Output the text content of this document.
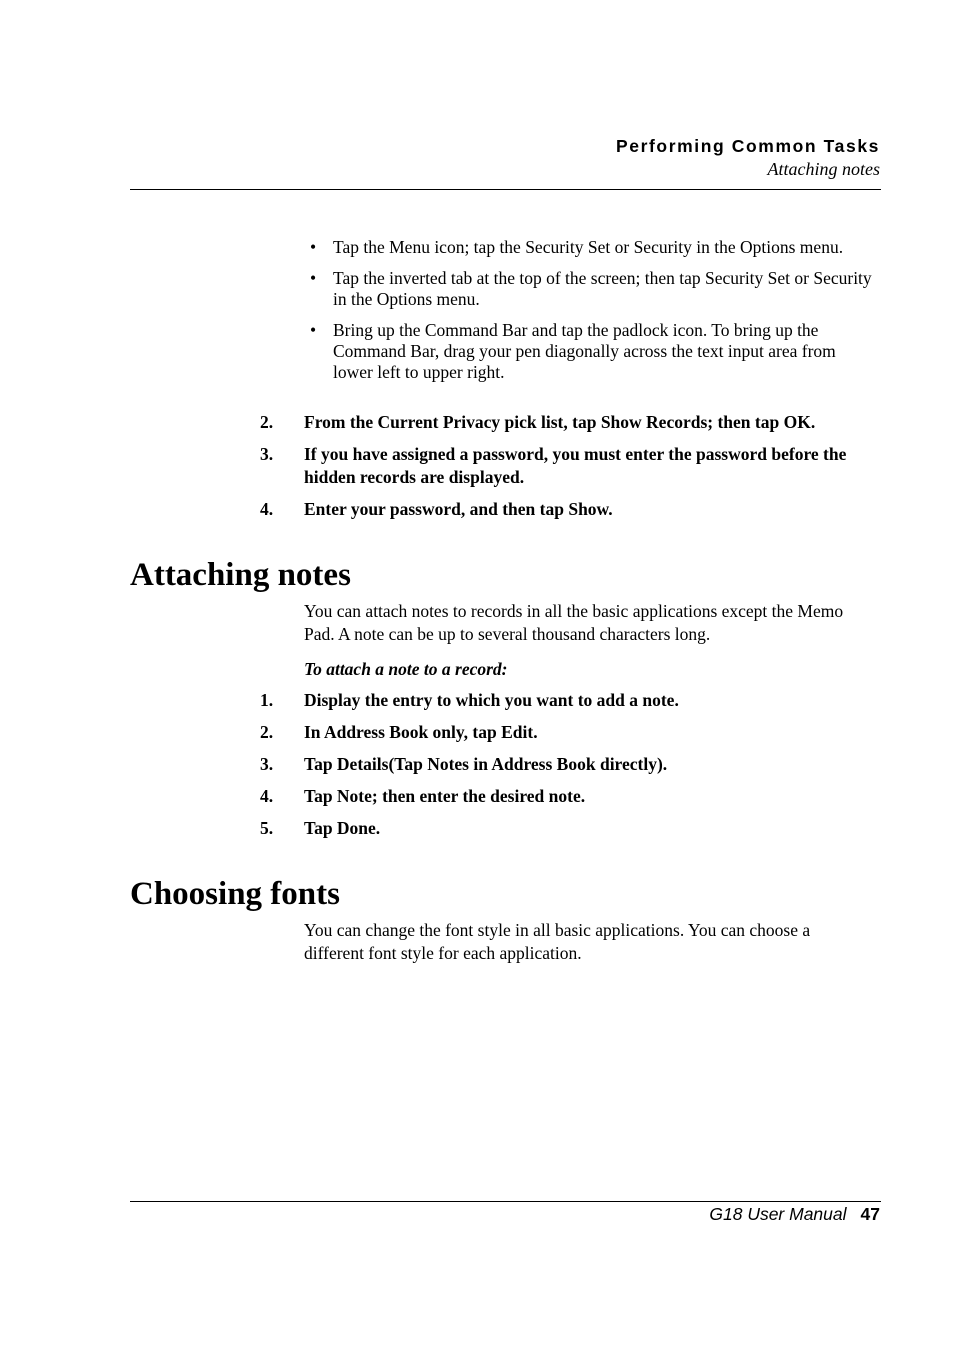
Performing Common Tasks
Attaching notes
• Tap the Menu icon; tap the Security Set or Security in the Options menu.
• Tap the inverted tab at the top of the screen; then tap Security Set or Security in the Options menu.
• Bring up the Command Bar and tap the padlock icon. To bring up the Command Bar, drag your pen diagonally across the text input area from lower left to upper right.
2. From the Current Privacy pick list, tap Show Records; then tap OK.
3. If you have assigned a password, you must enter the password before the hidden records are displayed.
4. Enter your password, and then tap Show.
Attaching notes

You can attach notes to records in all the basic applications except the Memo Pad. A note can be up to several thousand characters long.

To attach a note to a record:

1. Display the entry to which you want to add a note.
2. In Address Book only, tap Edit.
3. Tap Details(Tap Notes in Address Book directly).
4. Tap Note; then enter the desired note.
5. Tap Done.
Choosing fonts

You can change the font style in all basic applications. You can choose a different font style for each application.

G18 User Manual 47
